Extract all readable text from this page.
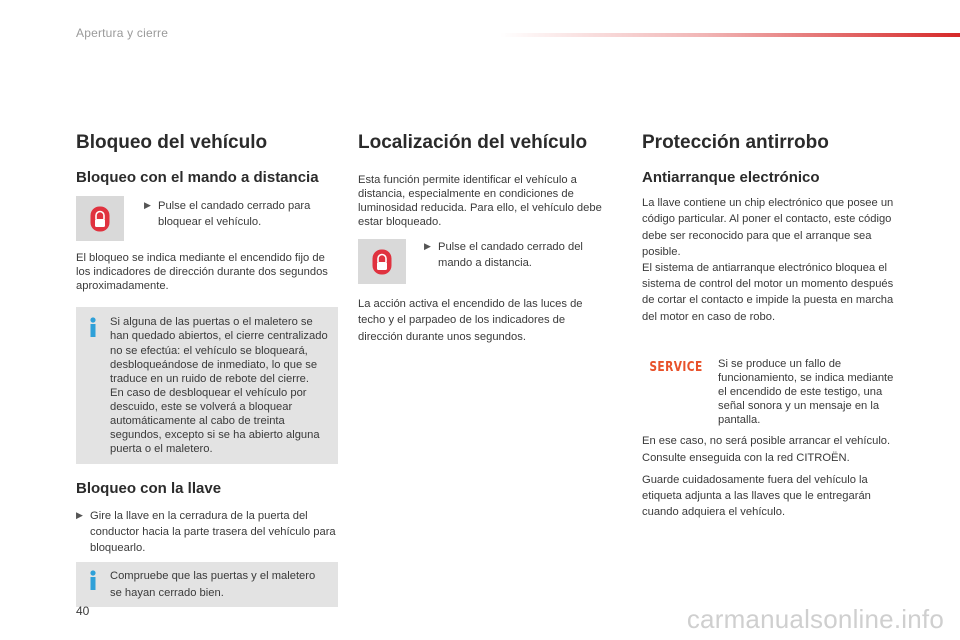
Apertura y cierre
Bloqueo del vehículo
Bloqueo con el mando a distancia
▶ Pulse el candado cerrado para bloquear el vehículo.

El bloqueo se indica mediante el encendido fijo de los indicadores de dirección durante dos segundos aproximadamente.

Si alguna de las puertas o el maletero se han quedado abiertos, el cierre centralizado no se efectúa: el vehículo se bloqueará, desbloqueándose de inmediato, lo que se traduce en un ruido de rebote del cierre.

En caso de desbloquear el vehículo por descuido, este se volverá a bloquear automáticamente al cabo de treinta segundos, excepto si se ha abierto alguna puerta o el maletero.

Bloqueo con la llave
▶ Gire la llave en la cerradura de la puerta del conductor hacia la parte trasera del vehículo para bloquearlo.

Compruebe que las puertas y el maletero se hayan cerrado bien.

Localización del vehículo

Esta función permite identificar el vehículo a distancia, especialmente en condiciones de luminosidad reducida. Para ello, el vehículo debe estar bloqueado.

▶ Pulse el candado cerrado del mando a distancia.

La acción activa el encendido de las luces de techo y el parpadeo de los indicadores de dirección durante unos segundos.

Protección antirrobo
Antiarranque electrónico

La llave contiene un chip electrónico que posee un código particular. Al poner el contacto, este código debe ser reconocido para que el arranque sea posible.

El sistema de antiarranque electrónico bloquea el sistema de control del motor un momento después de cortar el contacto e impide la puesta en marcha del motor en caso de robo.

SERVICE Si se produce un fallo de funcionamiento, se indica mediante el encendido de este testigo, una señal sonora y un mensaje en la pantalla.

En ese caso, no será posible arrancar el vehículo. Consulte enseguida con la red CITROËN.

Guarde cuidadosamente fuera del vehículo la etiqueta adjunta a las llaves que le entregarán cuando adquiera el vehículo.

40	carmanualsonline.info
